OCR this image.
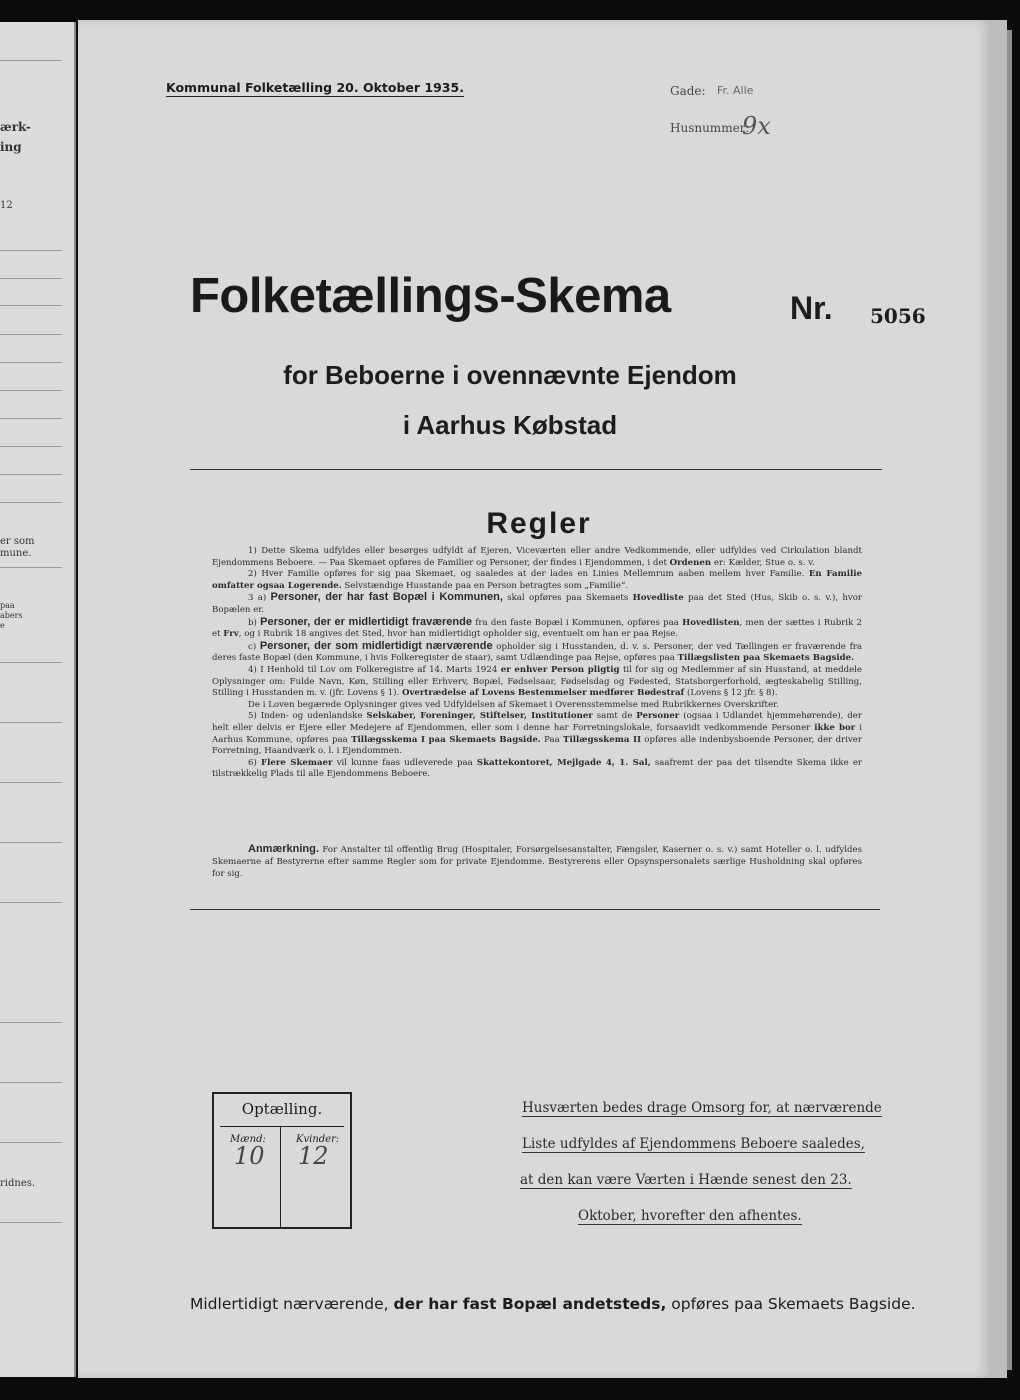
ærk-
ing
12
er som
mune.
paa
abers
e
ridnes.
Kommunal Folketælling 20. Oktober 1935.	Gade: Fr. Alle
Husnummer:
9x
Folketællings-Skema	Nr. 5056
for Beboerne i ovennævnte Ejendom
i Aarhus Købstad
Regler

1) Dette Skema udfyldes eller besørges udfyldt af Ejeren, Viceværten eller andre Vedkommende, eller udfyldes ved Cirkulation blandt Ejendommens Beboere. — Paa Skemaet opføres de Familier og Personer, der findes i Ejendommen, i det Ordenen er: Kælder, Stue o. s. v.

2) Hver Familie opføres for sig paa Skemaet, og saaledes at der lades en Linies Mellemrum aaben mellem hver Familie. En Familie omfatter ogsaa Logerende. Selvstændige Husstande paa en Person betragtes som „Familie“.

3 a) Personer, der har fast Bopæl i Kommunen, skal opføres paa Skemaets Hovedliste paa det Sted (Hus, Skib o. s. v.), hvor Bopælen er.

b) Personer, der er midlertidigt fraværende fra den faste Bopæl i Kommunen, opføres paa Hovedlisten, men der sættes i Rubrik 2 et Frv, og i Rubrik 18 angives det Sted, hvor han midlertidigt opholder sig, eventuelt om han er paa Rejse.

c) Personer, der som midlertidigt nærværende opholder sig i Husstanden, d. v. s. Personer, der ved Tællingen er fraværende fra deres faste Bopæl (den Kommune, i hvis Folkeregister de staar), samt Udlændinge paa Rejse, opføres paa Tillægslisten paa Skemaets Bagside.

4) I Henhold til Lov om Folkeregistre af 14. Marts 1924 er enhver Person pligtig til for sig og Medlemmer af sin Husstand, at meddele Oplysninger om: Fulde Navn, Køn, Stilling eller Erhverv, Bopæl, Fødselsaar, Fødselsdag og Fødested, Statsborgerforhold, ægteskabelig Stilling, Stilling i Husstanden m. v. (jfr. Lovens § 1). Overtrædelse af Lovens Bestemmelser medfører Bødestraf (Lovens § 12 jfr. § 8).

De i Loven begærede Oplysninger gives ved Udfyldelsen af Skemaet i Overensstemmelse med Rubrikkernes Overskrifter.

5) Inden- og udenlandske Selskaber, Foreninger, Stiftelser, Institutioner samt de Personer (ogsaa i Udlandet hjemmehørende), der helt eller delvis er Ejere eller Medejere af Ejendommen, eller som i denne har Forretningslokale, forsaavidt vedkommende Personer ikke bor i Aarhus Kommune, opføres paa Tillægsskema I paa Skemaets Bagside. Paa Tillægsskema II opføres alle indenbysboende Personer, der driver Forretning, Haandværk o. l. i Ejendommen.

6) Flere Skemaer vil kunne faas udleverede paa Skattekontoret, Mejlgade 4, 1. Sal, saafremt der paa det tilsendte Skema ikke er tilstrækkelig Plads til alle Ejendommens Beboere.

Anmærkning. For Anstalter til offentlig Brug (Hospitaler, Forsørgelsesanstalter, Fængsler, Kaserner o. s. v.) samt Hoteller o. l. udfyldes Skemaerne af Bestyrerne efter samme Regler som for private Ejendomme. Bestyrerens eller Opsynspersonalets særlige Husholdning skal opføres for sig.

Optælling.
Mænd:	Kvinder:
10 12
Husværten bedes drage Omsorg for, at nærværende
Liste udfyldes af Ejendommens Beboere saaledes,
at den kan være Værten i Hænde senest den 23.
Oktober, hvorefter den afhentes.
Midlertidigt nærværende, der har fast Bopæl andetsteds, opføres paa Skemaets Bagside.
